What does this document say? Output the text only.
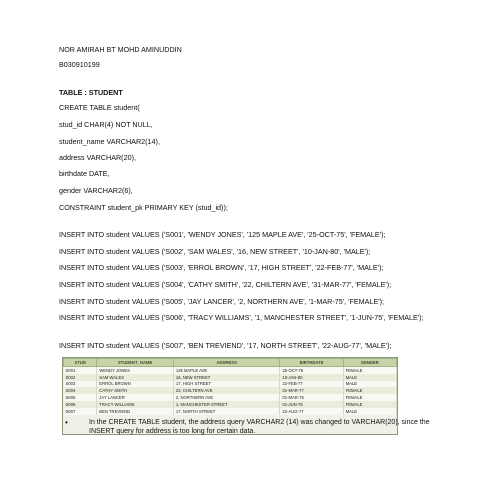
NOR AMIRAH BT MOHD AMINUDDIN
B030910199
TABLE : STUDENT
CREATE TABLE student(
stud_id CHAR(4) NOT NULL,
student_name VARCHAR2(14),
address VARCHAR(20),
birthdate DATE,
gender VARCHAR2(6),
CONSTRAINT student_pk PRIMARY KEY (stud_id));
INSERT INTO student VALUES ('S001', 'WENDY JONES', '125 MAPLE AVE', '25-OCT-75', 'FEMALE');
INSERT INTO student VALUES ('S002', 'SAM WALES', '16, NEW STREET', '10-JAN-80', 'MALE');
INSERT INTO student VALUES ('S003', 'ERROL BROWN', '17, HIGH STREET', '22-FEB-77', 'MALE');
INSERT INTO student VALUES ('S004', 'CATHY SMITH', '22, CHILTERN AVE', '31-MAR-77', 'FEMALE');
INSERT INTO student VALUES ('S005', 'JAY LANCER', '2, NORTHERN AVE', '1-MAR-75', 'FEMALE');
INSERT INTO student VALUES ('S006', 'TRACY WILLIAMS', '1, MANCHESTER STREET', '1-JUN-75', 'FEMALE');
INSERT INTO student VALUES ('S007', 'BEN TREVIEND', '17, NORTH STREET', '22-AUG-77', 'MALE');
STUD	STUDENT_NAME	ADDRESS	BIRTHDATE	GENDER
S001	WENDY JONES	125 MAPLE AVE	25-OCT-75	FEMALE
S002	SAM WALES	16, NEW STREET	10-JAN-80	MALE
S003	ERROL BROWN	17, HIGH STREET	22-FEB-77	MALE
S004	CATHY SMITH	22, CHILTERN AVE	31-MAR-77	FEMALE
S005	JAY LANCER	2, NORTHERN AVE	01-MAR-75	FEMALE
S006	TRACY WILLIAMS	1, MANCHESTER STREET	01-JUN-75	FEMALE
S007	BEN TREVIEND	17, NORTH STREET	22-AUG-77	MALE
•	In the CREATE TABLE student, the address query VARCHAR2 (14) was changed to VARCHAR(20), since the INSERT query for address is too long for certain data.
